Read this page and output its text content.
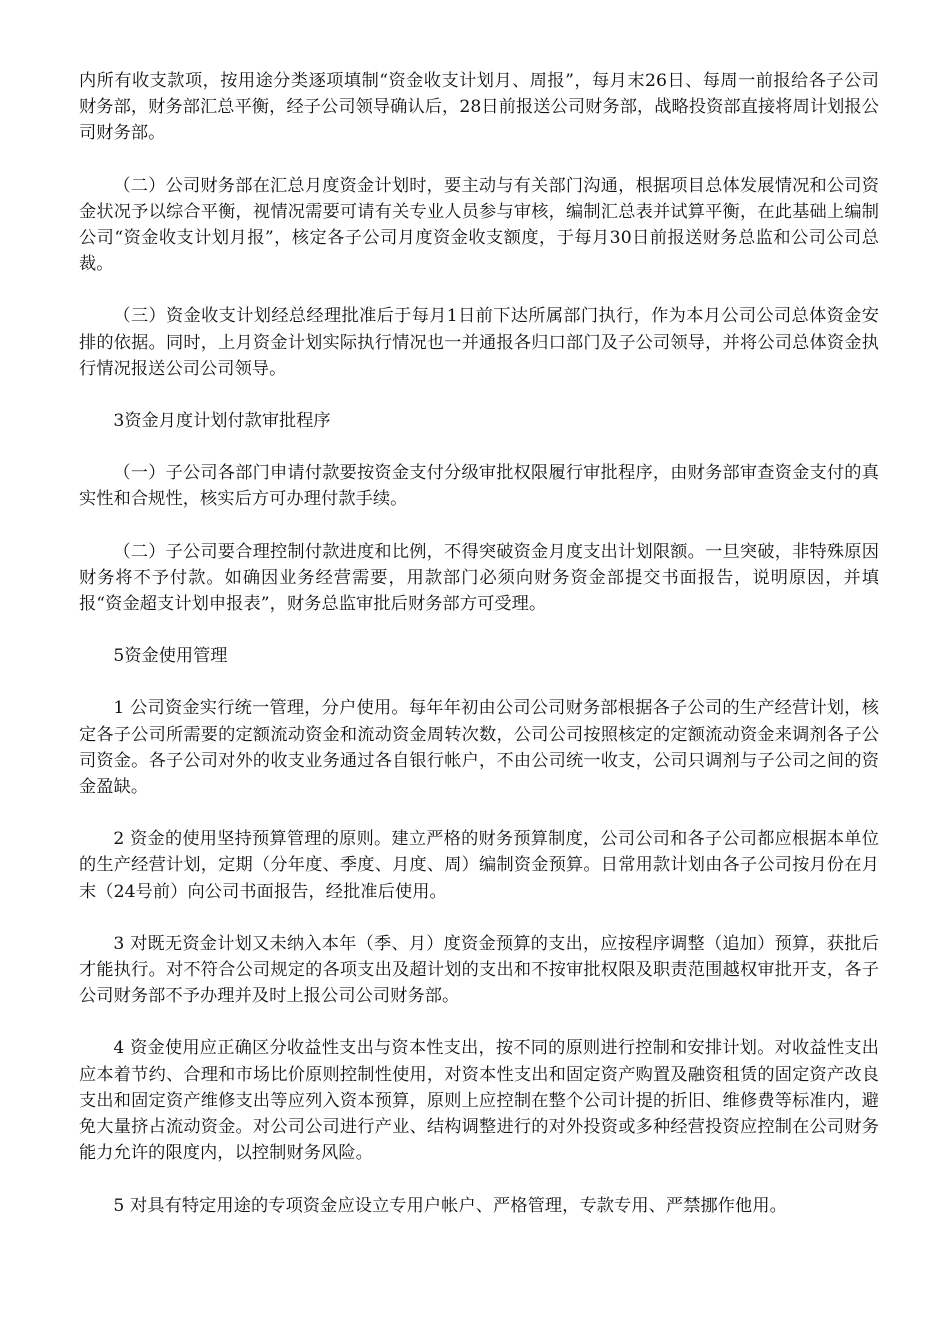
内所有收支款项，按用途分类逐项填制“资金收支计划月、周报”，每月末26日、每周一前报给各子公司财务部，财务部汇总平衡，经子公司领导确认后，28日前报送公司财务部，战略投资部直接将周计划报公司财务部。

（二）公司财务部在汇总月度资金计划时，要主动与有关部门沟通，根据项目总体发展情况和公司资金状况予以综合平衡，视情况需要可请有关专业人员参与审核，编制汇总表并试算平衡，在此基础上编制公司“资金收支计划月报”，核定各子公司月度资金收支额度，于每月30日前报送财务总监和公司公司总裁。

（三）资金收支计划经总经理批准后于每月1日前下达所属部门执行，作为本月公司公司总体资金安排的依据。同时，上月资金计划实际执行情况也一并通报各归口部门及子公司领导，并将公司总体资金执行情况报送公司公司领导。

3资金月度计划付款审批程序

（一）子公司各部门申请付款要按资金支付分级审批权限履行审批程序，由财务部审查资金支付的真实性和合规性，核实后方可办理付款手续。

（二）子公司要合理控制付款进度和比例，不得突破资金月度支出计划限额。一旦突破，非特殊原因财务将不予付款。如确因业务经营需要，用款部门必须向财务资金部提交书面报告，说明原因，并填报“资金超支计划申报表”，财务总监审批后财务部方可受理。

5资金使用管理

1 公司资金实行统一管理，分户使用。每年年初由公司公司财务部根据各子公司的生产经营计划，核定各子公司所需要的定额流动资金和流动资金周转次数，公司公司按照核定的定额流动资金来调剂各子公司资金。各子公司对外的收支业务通过各自银行帐户，不由公司统一收支，公司只调剂与子公司之间的资金盈缺。

2 资金的使用坚持预算管理的原则。建立严格的财务预算制度，公司公司和各子公司都应根据本单位的生产经营计划，定期（分年度、季度、月度、周）编制资金预算。日常用款计划由各子公司按月份在月末（24号前）向公司书面报告，经批准后使用。

3 对既无资金计划又未纳入本年（季、月）度资金预算的支出，应按程序调整（追加）预算，获批后才能执行。对不符合公司规定的各项支出及超计划的支出和不按审批权限及职责范围越权审批开支，各子公司财务部不予办理并及时上报公司公司财务部。

4 资金使用应正确区分收益性支出与资本性支出，按不同的原则进行控制和安排计划。对收益性支出应本着节约、合理和市场比价原则控制性使用，对资本性支出和固定资产购置及融资租赁的固定资产改良支出和固定资产维修支出等应列入资本预算，原则上应控制在整个公司计提的折旧、维修费等标准内，避免大量挤占流动资金。对公司公司进行产业、结构调整进行的对外投资或多种经营投资应控制在公司财务能力允许的限度内，以控制财务风险。

5 对具有特定用途的专项资金应设立专用户帐户、严格管理，专款专用、严禁挪作他用。
